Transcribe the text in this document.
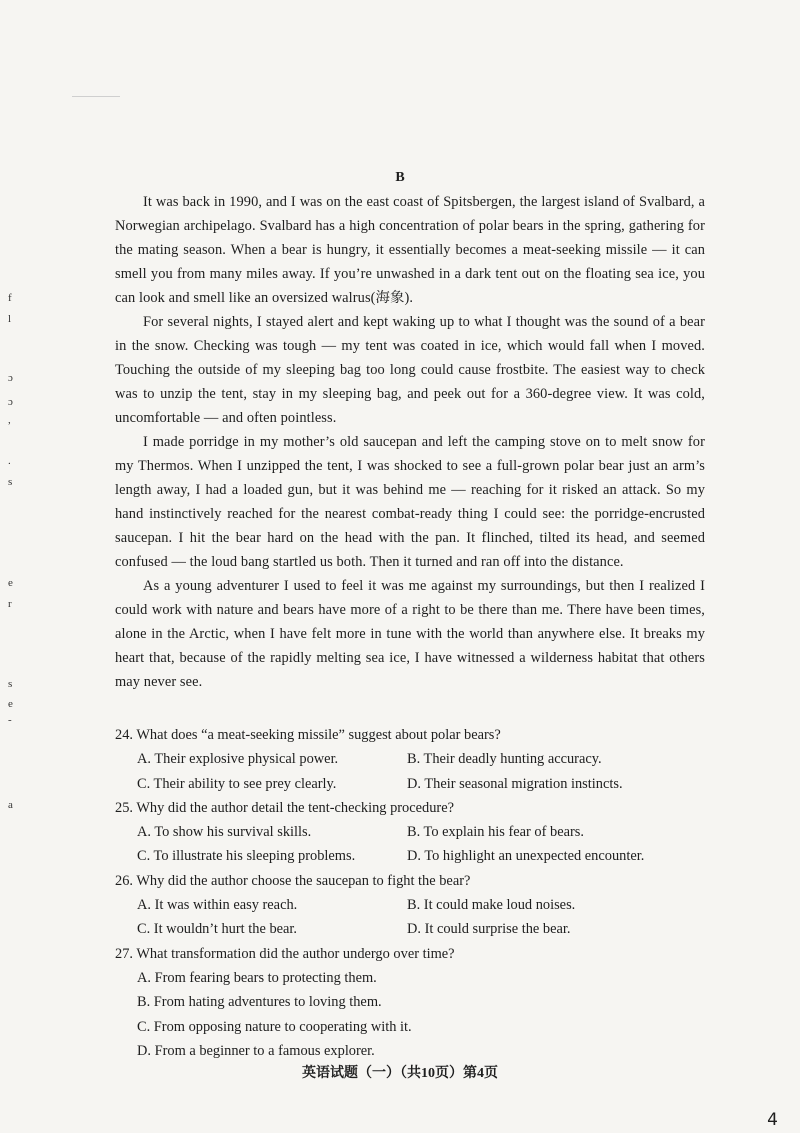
f
l
ɔ
ɔ
,
.
s
e
r
s
e
-
a
B

It was back in 1990, and I was on the east coast of Spitsbergen, the largest island of Svalbard, a Norwegian archipelago. Svalbard has a high concentration of polar bears in the spring, gathering for the mating season. When a bear is hungry, it essentially becomes a meat-seeking missile — it can smell you from many miles away. If you’re unwashed in a dark tent out on the floating sea ice, you can look and smell like an oversized walrus(海象).

For several nights, I stayed alert and kept waking up to what I thought was the sound of a bear in the snow. Checking was tough — my tent was coated in ice, which would fall when I moved. Touching the outside of my sleeping bag too long could cause frostbite. The easiest way to check was to unzip the tent, stay in my sleeping bag, and peek out for a 360-degree view. It was cold, uncomfortable — and often pointless.

I made porridge in my mother’s old saucepan and left the camping stove on to melt snow for my Thermos. When I unzipped the tent, I was shocked to see a full-grown polar bear just an arm’s length away, I had a loaded gun, but it was behind me — reaching for it risked an attack. So my hand instinctively reached for the nearest combat-ready thing I could see: the porridge-encrusted saucepan. I hit the bear hard on the head with the pan. It flinched, tilted its head, and seemed confused — the loud bang startled us both. Then it turned and ran off into the distance.

As a young adventurer I used to feel it was me against my surroundings, but then I realized I could work with nature and bears have more of a right to be there than me. There have been times, alone in the Arctic, when I have felt more in tune with the world than anywhere else. It breaks my heart that, because of the rapidly melting sea ice, I have witnessed a wilderness habitat that others may never see.

24. What does “a meat-seeking missile” suggest about polar bears?
A. Their explosive physical power.	B. Their deadly hunting accuracy.
C. Their ability to see prey clearly.	D. Their seasonal migration instincts.
25. Why did the author detail the tent-checking procedure?
A. To show his survival skills.	B. To explain his fear of bears.
C. To illustrate his sleeping problems.	D. To highlight an unexpected encounter.
26. Why did the author choose the saucepan to fight the bear?
A. It was within easy reach.	B. It could make loud noises.
C. It wouldn’t hurt the bear.	D. It could surprise the bear.
27. What transformation did the author undergo over time?
A. From fearing bears to protecting them.
B. From hating adventures to loving them.
C. From opposing nature to cooperating with it.
D. From a beginner to a famous explorer.
英语试题（一）（共10页）第4页
4
